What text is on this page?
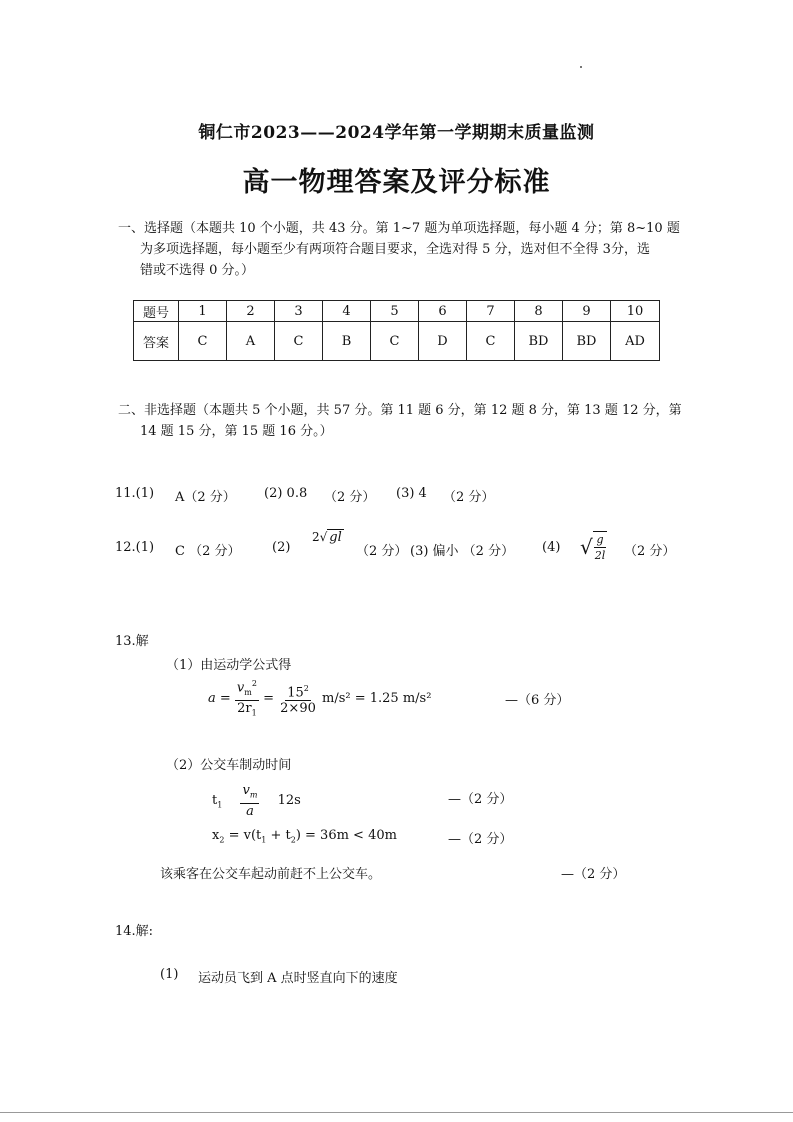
铜仁市2023——2024学年第一学期期末质量监测
高一物理答案及评分标准
一、选择题（本题共 10 个小题，共 43 分。第 1~7 题为单项选择题，每小题 4 分；第 8~10 题
为多项选择题，每小题至少有两项符合题目要求，全选对得 5 分，选对但不全得 3分，选
错或不选得 0 分。）
题号	1	2	3	4	5	6	7	8	9	10
答案	C	A	C	B	C	D	C	BD	BD	AD
二、非选择题（本题共 5 个小题，共 57 分。第 11 题 6 分，第 12 题 8 分，第 13 题 12 分，第
14 题 15 分，第 15 题 16 分。）
11.(1) A（2 分） (2) 0.8 （2 分） (3) 4 （2 分）
12.(1) C （2 分） (2)
2√ gl
（2 分） (3) 偏小 （2 分） (4) √ $\frac{g}{2l} (2$ 分）
13.解
（1）由运动学公式得
$a = \frac{v_m^2}{2r_1} = \frac{15^2}{2\times 90} m/s^2 = 1.25$ m/s²	—（6 分）
（2）公交车制动时间
$t_1 \frac{v_m}{a} 12s$	—（2 分）
$x_2 = v(t_1 + t_2) = 36m < 40m$	—（2 分）
该乘客在公交车起动前赶不上公交车。	—（2 分）
14.解:
(1) 运动员飞到 A 点时竖直向下的速度
